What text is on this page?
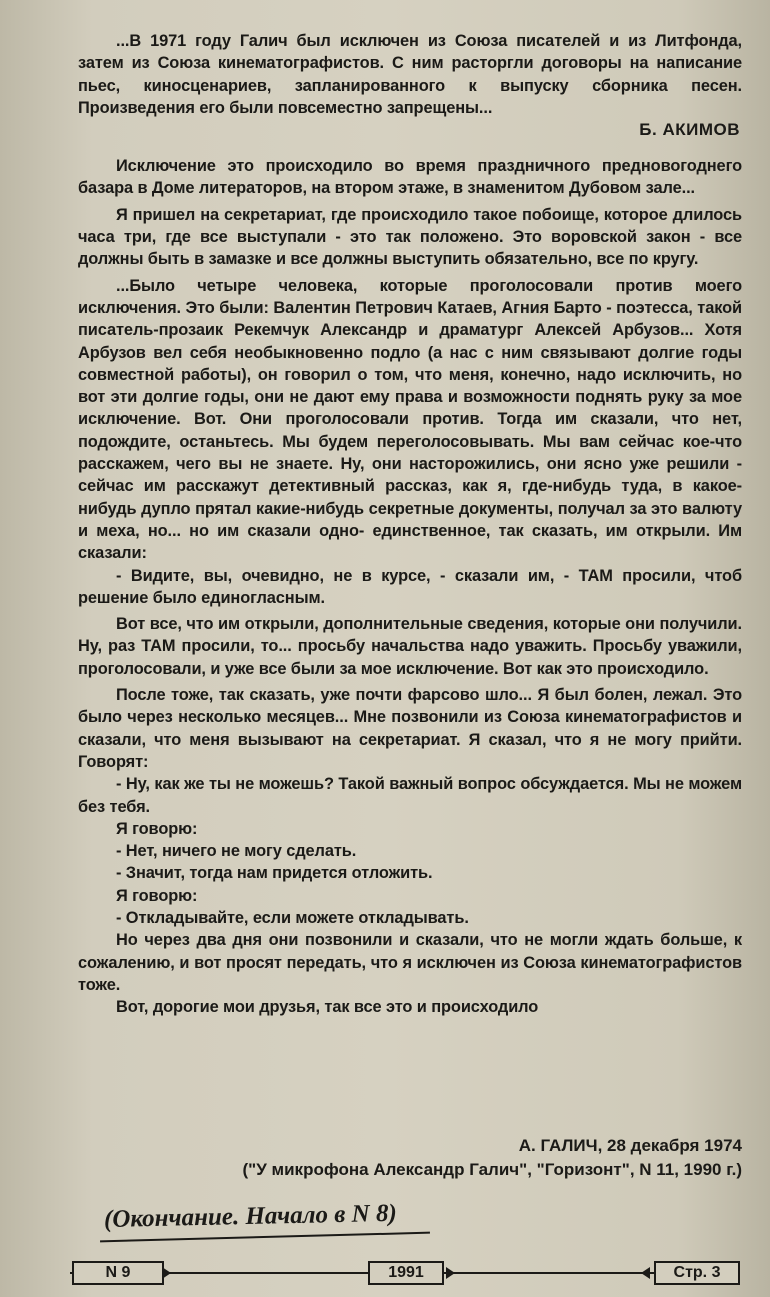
...В 1971 году Галич был исключен из Союза писателей и из Литфонда, затем из Союза кинематографистов. С ним расторгли договоры на написание пьес, киносценариев, запланированного к выпуску сборника песен. Произведения его были повсеместно запрещены...

Б. АКИМОВ

Исключение это происходило во время праздничного предновогоднего базара в Доме литераторов, на втором этаже, в знаменитом Дубовом зале...

Я пришел на секретариат, где происходило такое побоище, которое длилось часа три, где все выступали - это так положено. Это воровской закон - все должны быть в замазке и все должны выступить обязательно, все по кругу.

...Было четыре человека, которые проголосовали против моего исключения. Это были: Валентин Петрович Катаев, Агния Барто - поэтесса, такой писатель-прозаик Рекемчук Александр и драматург Алексей Арбузов... Хотя Арбузов вел себя необыкновенно подло (а нас с ним связывают долгие годы совместной работы), он говорил о том, что меня, конечно, надо исключить, но вот эти долгие годы, они не дают ему права и возможности поднять руку за мое исключение. Вот. Они проголосовали против. Тогда им сказали, что нет, подождите, останьтесь. Мы будем переголосовывать. Мы вам сейчас кое-что расскажем, чего вы не знаете. Ну, они насторожились, они ясно уже решили - сейчас им расскажут детективный рассказ, как я, где-нибудь туда, в какое-нибудь дупло прятал какие-нибудь секретные документы, получал за это валюту и меха, но... но им сказали одно- единственное, так сказать, им открыли. Им сказали:

- Видите, вы, очевидно, не в курсе, - сказали им, - ТАМ просили, чтоб решение было единогласным.

Вот все, что им открыли, дополнительные сведения, которые они получили. Ну, раз ТАМ просили, то... просьбу начальства надо уважить. Просьбу уважили, проголосовали, и уже все были за мое исключение. Вот как это происходило.

После тоже, так сказать, уже почти фарсово шло... Я был болен, лежал. Это было через несколько месяцев... Мне позвонили из Союза кинематографистов и сказали, что меня вызывают на секретариат. Я сказал, что я не могу прийти. Говорят:

- Ну, как же ты не можешь? Такой важный вопрос обсуждается. Мы не можем без тебя.

Я говорю:

- Нет, ничего не могу сделать.

- Значит, тогда нам придется отложить.

Я говорю:

- Откладывайте, если можете откладывать.

Но через два дня они позвонили и сказали, что не могли ждать больше, к сожалению, и вот просят передать, что я исключен из Союза кинематографистов тоже.

Вот, дорогие мои друзья, так все это и происходило

А. ГАЛИЧ, 28 декабря 1974
("У микрофона Александр Галич", "Горизонт", N 11, 1990 г.)
(Окончание. Начало в N 8)
N 9	1991	Стр. 3
